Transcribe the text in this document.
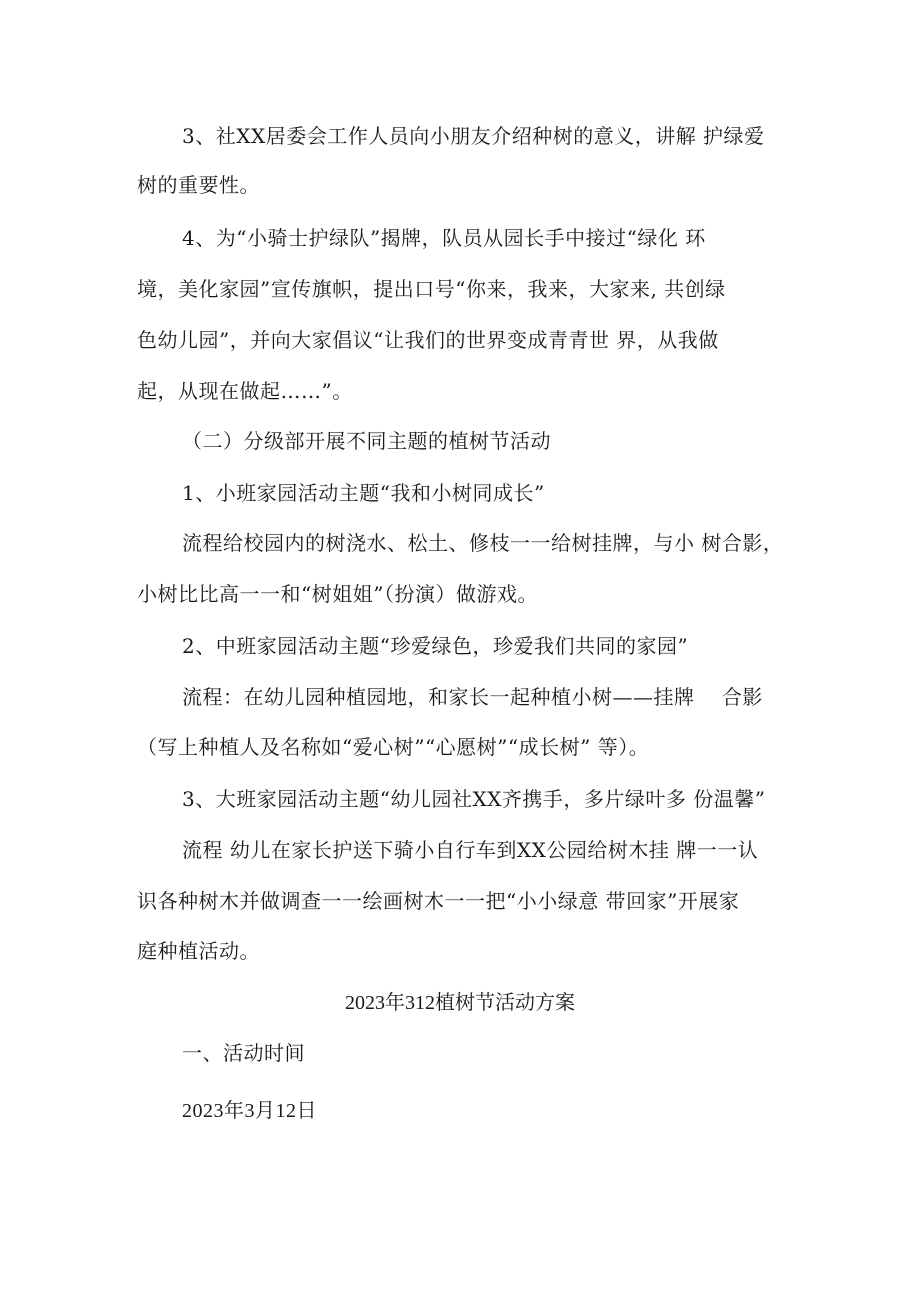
3、社XX居委会工作人员向小朋友介绍种树的意义，讲解 护绿爱
树的重要性。
4、为“小骑士护绿队”揭牌，队员从园长手中接过“绿化 环
境，美化家园”宣传旗帜，提出口号“你来，我来，大家来, 共创绿
色幼儿园”，并向大家倡议“让我们的世界变成青青世 界，从我做
起，从现在做起……”。
（二）分级部开展不同主题的植树节活动
1、小班家园活动主题“我和小树同成长”
流程给校园内的树浇水、松土、修枝一一给树挂牌，与小 树合影，
小树比比高一一和“树姐姐”（扮演）做游戏。
2、中班家园活动主题“珍爱绿色，珍爱我们共同的家园”
流程：在幼儿园种植园地，和家长一起种植小树——挂牌    合影
（写上种植人及名称如“爱心树”“心愿树”“成长树” 等）。
3、大班家园活动主题“幼儿园社XX齐携手，多片绿叶多 份温馨”
流程 幼儿在家长护送下骑小自行车到XX公园给树木挂 牌一一认
识各种树木并做调查一一绘画树木一一把“小小绿意 带回家”开展家
庭种植活动。
2023年312植树节活动方案
一、活动时间
2023年3月12日
